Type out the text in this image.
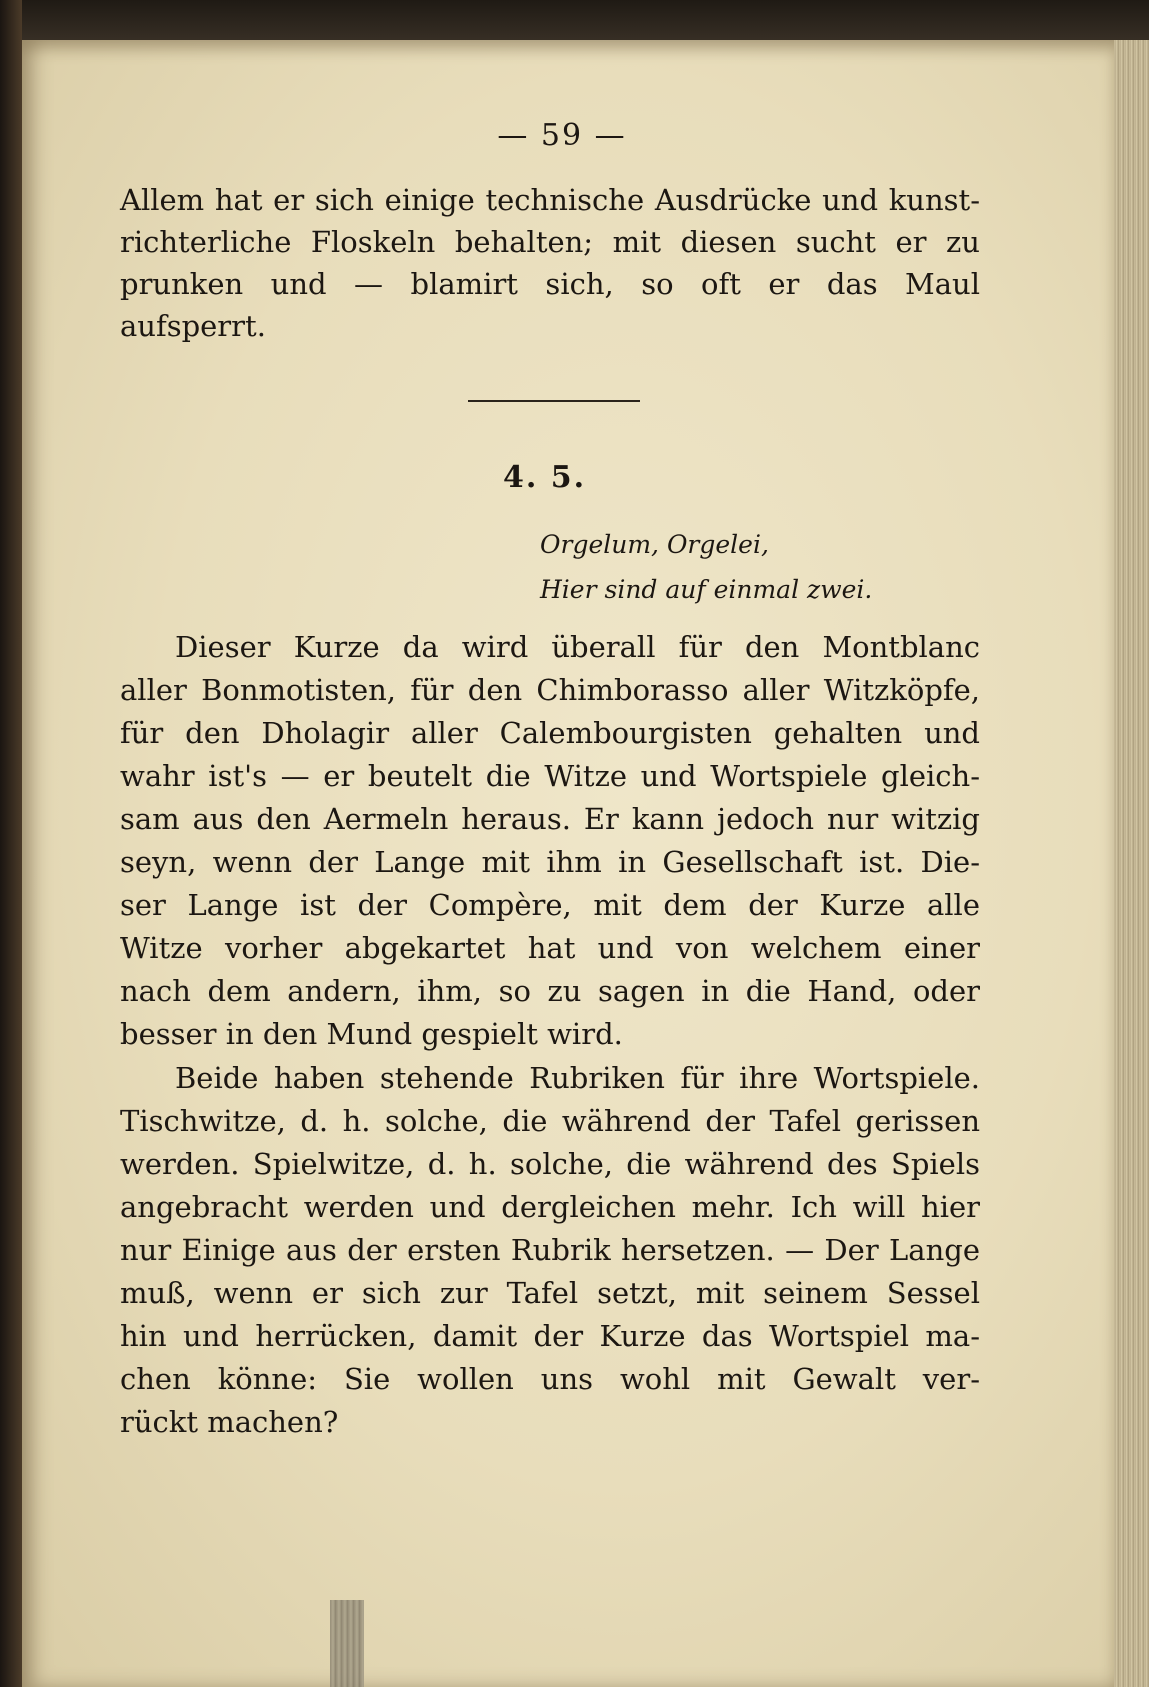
— 59 —
Allem hat er sich einige technische Ausdrücke und kunst-
richterliche Floskeln behalten; mit diesen sucht er zu
prunken und — blamirt sich, so oft er das Maul
aufsperrt.
4. 5.
Orgelum, Orgelei,
Hier sind auf einmal zwei.
Dieser Kurze da wird überall für den Montblanc
aller Bonmotisten, für den Chimborasso aller Witzköpfe,
für den Dholagir aller Calembourgisten gehalten und
wahr ist's — er beutelt die Witze und Wortspiele gleich-
sam aus den Aermeln heraus. Er kann jedoch nur witzig
seyn, wenn der Lange mit ihm in Gesellschaft ist. Die-
ser Lange ist der Compère, mit dem der Kurze alle
Witze vorher abgekartet hat und von welchem einer
nach dem andern, ihm, so zu sagen in die Hand, oder
besser in den Mund gespielt wird.
Beide haben stehende Rubriken für ihre Wortspiele.
Tischwitze, d. h. solche, die während der Tafel gerissen
werden. Spielwitze, d. h. solche, die während des Spiels
angebracht werden und dergleichen mehr. Ich will hier
nur Einige aus der ersten Rubrik hersetzen. — Der Lange
muß, wenn er sich zur Tafel setzt, mit seinem Sessel
hin und herrücken, damit der Kurze das Wortspiel ma-
chen könne: Sie wollen uns wohl mit Gewalt ver-
rückt machen?
